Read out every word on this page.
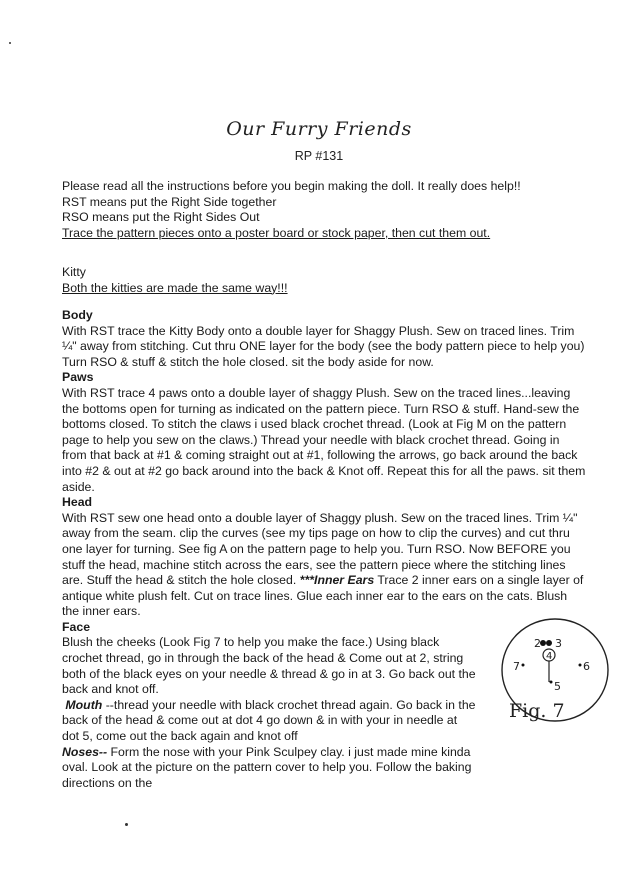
Our Furry Friends
RP #131
Please read all the instructions before you begin making the doll. It really does help!!
RST means put the Right Side together
RSO means put the Right Sides Out
Trace the pattern pieces onto a poster board or stock paper, then cut them out.
Kitty
Both the kitties are made the same way!!!
Body
With RST trace the Kitty Body onto a double layer for Shaggy Plush. Sew on traced lines. Trim
¼" away from stitching. Cut thru ONE layer for the body (see the body pattern piece to help you)
Turn RSO & stuff & stitch the hole closed. sit the body aside for now.
Paws
With RST trace 4 paws onto a double layer of shaggy Plush. Sew on the traced lines...leaving
the bottoms open for turning as indicated on the pattern piece. Turn RSO & stuff. Hand-sew the
bottoms closed. To stitch the claws i used black crochet thread. (Look at Fig M on the pattern
page to help you sew on the claws.) Thread your needle with black crochet thread. Going in
from that back at #1 & coming straight out at #1, following the arrows, go back around the back
into #2 & out at #2 go back around into the back & Knot off. Repeat this for all the paws. sit them
aside.
Head
With RST sew one head onto a double layer of Shaggy plush. Sew on the traced lines. Trim ¼"
away from the seam. clip the curves (see my tips page on how to clip the curves) and cut thru
one layer for turning. See fig A on the pattern page to help you. Turn RSO. Now BEFORE you
stuff the head, machine stitch across the ears, see the pattern piece where the stitching lines
are. Stuff the head & stitch the hole closed. ***Inner Ears Trace 2 inner ears on a single layer of
antique white plush felt. Cut on trace lines. Glue each inner ear to the ears on the cats. Blush
the inner ears.
Face
Blush the cheeks (Look Fig 7 to help you make the face.) Using black
crochet thread, go in through the back of the head & Come out at 2, string
both of the black eyes on your needle & thread & go in at 3. Go back out the
back and knot off.
Mouth --thread your needle with black crochet thread again. Go back in the
back of the head & come out at dot 4 go down & in with your in needle at
dot 5, come out the back again and knot off
Noses-- Form the nose with your Pink Sculpey clay. i just made mine kinda
oval. Look at the picture on the pattern cover to help you. Follow the baking
directions on the
2 3
4
5
6
7
Fig. 7
